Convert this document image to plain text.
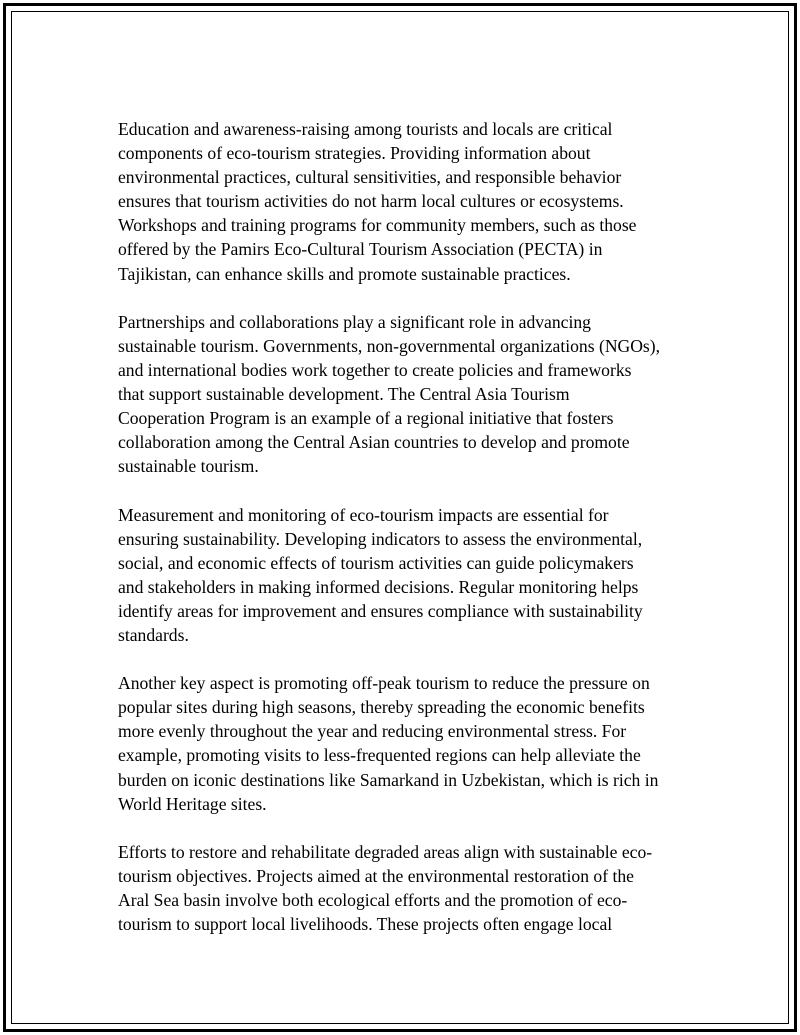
Education and awareness-raising among tourists and locals are critical
components of eco-tourism strategies. Providing information about
environmental practices, cultural sensitivities, and responsible behavior
ensures that tourism activities do not harm local cultures or ecosystems.
Workshops and training programs for community members, such as those
offered by the Pamirs Eco-Cultural Tourism Association (PECTA) in
Tajikistan, can enhance skills and promote sustainable practices.

Partnerships and collaborations play a significant role in advancing
sustainable tourism. Governments, non-governmental organizations (NGOs),
and international bodies work together to create policies and frameworks
that support sustainable development. The Central Asia Tourism
Cooperation Program is an example of a regional initiative that fosters
collaboration among the Central Asian countries to develop and promote
sustainable tourism.

Measurement and monitoring of eco-tourism impacts are essential for
ensuring sustainability. Developing indicators to assess the environmental,
social, and economic effects of tourism activities can guide policymakers
and stakeholders in making informed decisions. Regular monitoring helps
identify areas for improvement and ensures compliance with sustainability
standards.

Another key aspect is promoting off-peak tourism to reduce the pressure on
popular sites during high seasons, thereby spreading the economic benefits
more evenly throughout the year and reducing environmental stress. For
example, promoting visits to less-frequented regions can help alleviate the
burden on iconic destinations like Samarkand in Uzbekistan, which is rich in
World Heritage sites.

Efforts to restore and rehabilitate degraded areas align with sustainable eco-
tourism objectives. Projects aimed at the environmental restoration of the
Aral Sea basin involve both ecological efforts and the promotion of eco-
tourism to support local livelihoods. These projects often engage local
